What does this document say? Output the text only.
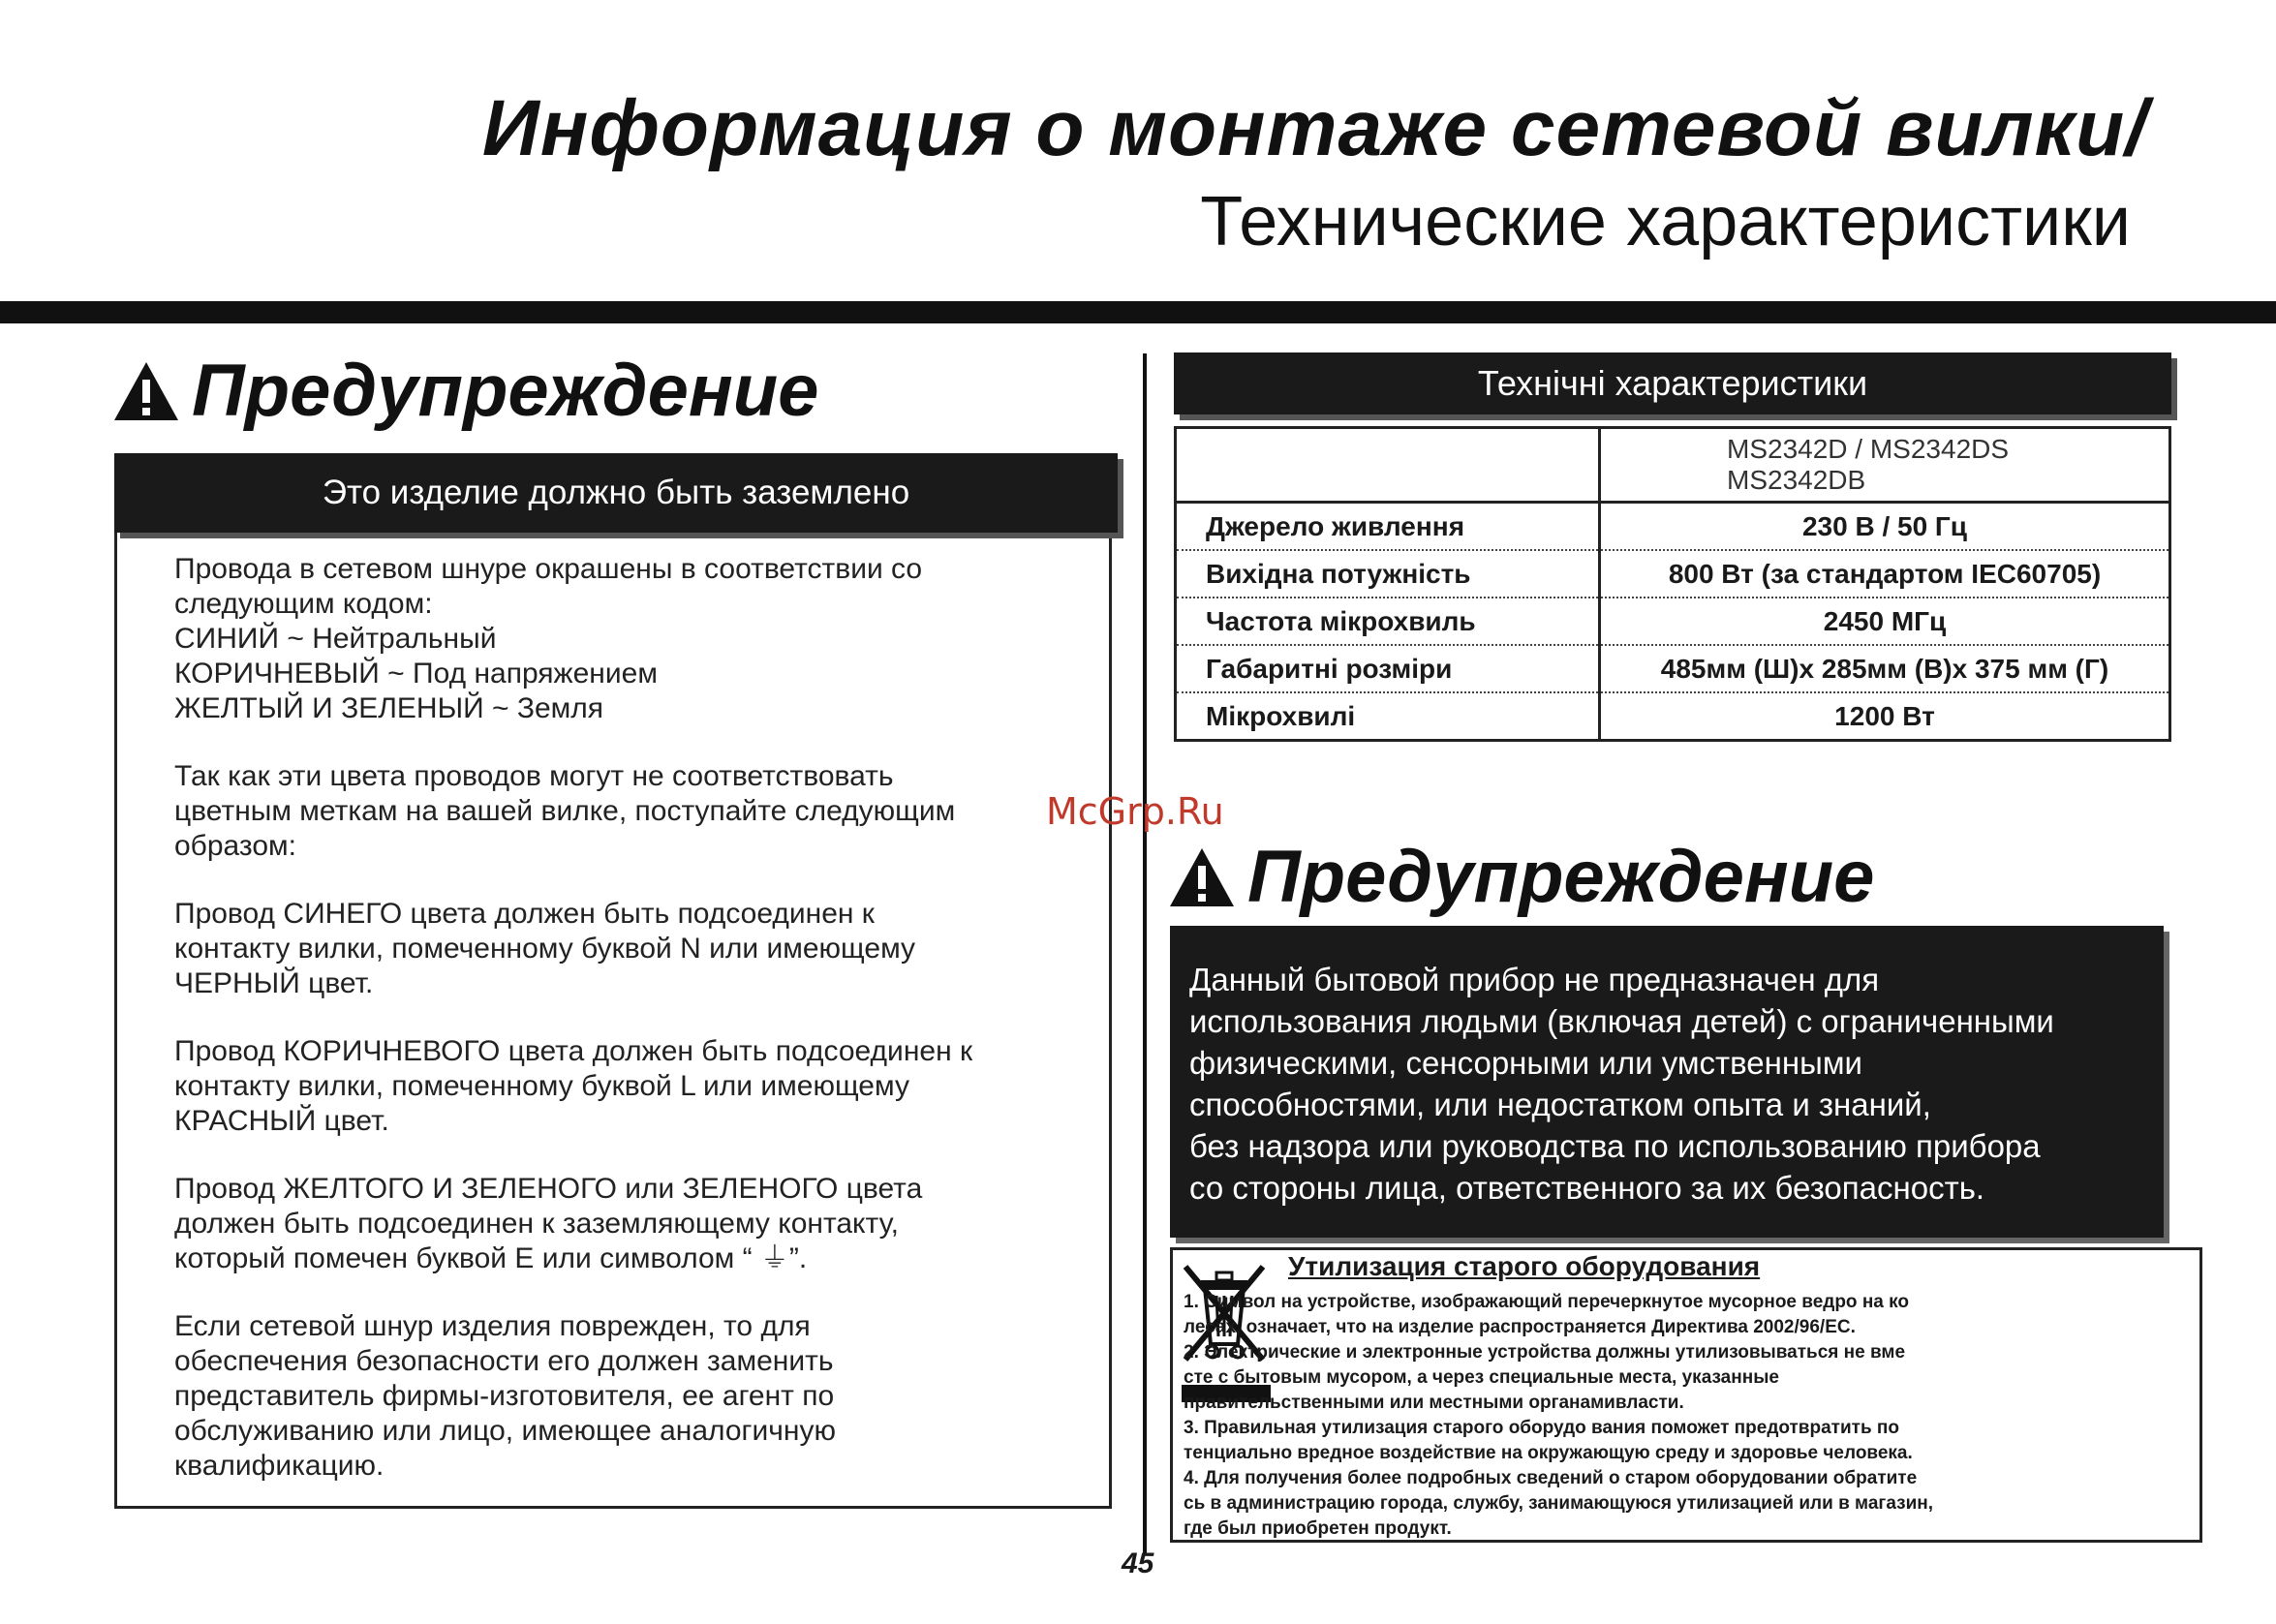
Информация о монтаже сетевой вилки/
Технические характеристики
Предупреждение
Это изделие должно быть заземлено

Провода в сетевом шнуре окрашены в соответствии со
следующим кодом:
СИНИЙ ~ Нейтральный
КОРИЧНЕВЫЙ ~ Под напряжением
ЖЕЛТЫЙ И ЗЕЛЕНЫЙ ~ Земля

Так как эти цвета проводов могут не соответствовать
цветным меткам на вашей вилке, поступайте следующим
образом:

Провод СИНЕГО цвета должен быть подсоединен к
контакту вилки, помеченному буквой N или имеющему
ЧЕРНЫЙ цвет.

Провод КОРИЧНЕВОГО цвета должен быть подсоединен к
контакту вилки, помеченному буквой L или имеющему
КРАСНЫЙ цвет.

Провод ЖЕЛТОГО И ЗЕЛЕНОГО или ЗЕЛЕНОГО цвета
должен быть подсоединен к заземляющему контакту,
который помечен буквой Е или символом “ ⏚”.

Если сетевой шнур изделия поврежден, то для
обеспечения безопасности его должен заменить
представитель фирмы-изготовителя, ее агент по
обслуживанию или лицо, имеющее аналогичную
квалификацию.

Технічні характеристики
	MS2342D / MS2342DS
MS2342DB
Джерело живлення	230 В / 50 Гц
Вихідна потужність	800 Вт (за стандартом IEC60705)
Частота мікрохвиль	2450 МГц
Габаритні розміри	485мм (Ш)х 285мм (В)х 375 мм (Г)
Мікрохвилі	1200 Вт
McGrp.Ru
Предупреждение
Данный бытовой прибор не предназначен для
использования людьми (включая детей) с ограниченными
физическими, сенсорными или умственными
способностями, или недостатком опыта и знаний,
без надзора или руководства по использованию прибора
со стороны лица, ответственного за их безопасность.
Утилизация старого оборудования
1. Символ на устройстве, изображающий перечеркнутое мусорное ведро на ко
лесах, означает, что на изделие распространяется Директива 2002/96/ЕС.
2. Электрические и электронные устройства должны утилизовываться не вме
сте с бытовым мусором, а через специальные места, указанные
правительственными или местными органамивласти.
3. Правильная утилизация старого оборудо вания поможет предотвратить по
тенциально вредное воздействие на окружающую среду и здоровье человека.
4. Для получения более подробных сведений о старом оборудовании обратите
сь в администрацию города, службу, занимающуюся утилизацией или в магазин,
где был приобретен продукт.
45
